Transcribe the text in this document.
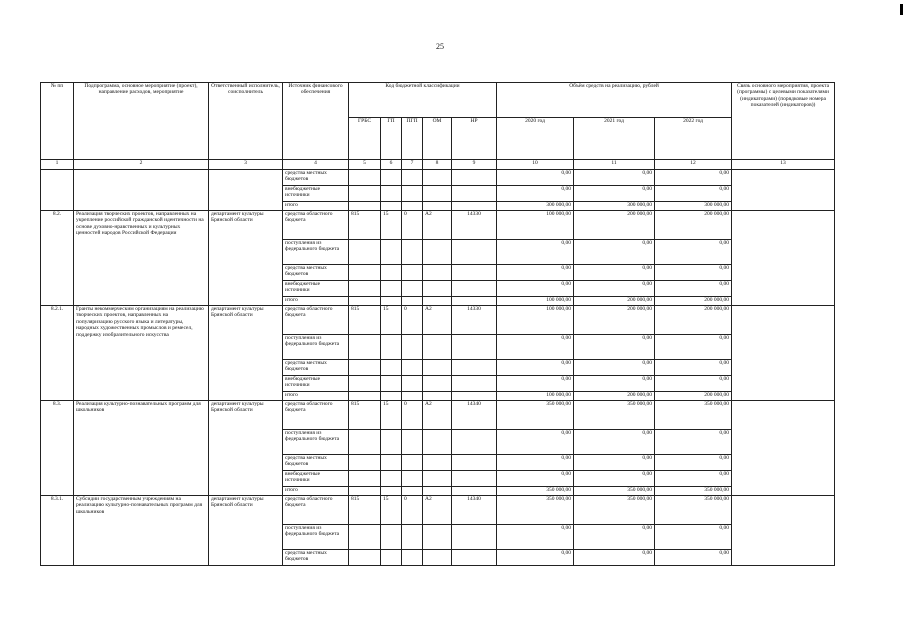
25
№ пп	Подпрограмма, основное мероприятие (проект), направление расходов, мероприятие	Ответственный исполнитель, соисполнитель	Источник финансового обеспечения	Код бюджетной классификации					Объём средств на реализацию, рублей			Связь основного мероприятия, проекта (программы) с целевыми показателями (индикаторами) (порядковые номера показателей (индикаторов))
				ГРБС	ГП	ПГП	ОМ	НР	2020 год	2021 год	2022 год	
1	2	3	4	5	6	7	8	9	10	11	12	13
			средства местных бюджетов						0,00	0,00	0,00	
			внебюджетные источники						0,00	0,00	0,00	
			итого						300 000,00	300 000,00	300 000,00	
8.2.	Реализация творческих проектов, направленных на укрепление российской гражданской идентичности на основе духовно-нравственных и культурных ценностей народов Российской Федерации	департамент культуры Брянской области	средства областного бюджета	815	15	0	А2	14330	100 000,00	200 000,00	200 000,00	
			поступления из федерального бюджета						0,00	0,00	0,00	
			средства местных бюджетов						0,00	0,00	0,00	
			внебюджетные источники						0,00	0,00	0,00	
			итого						100 000,00	200 000,00	200 000,00	
8.2.1.	Гранты некоммерческим организациям на реализацию творческих проектов, направленных на популяризацию русского языка и литературы, народных художественных промыслов и ремесел, поддержку изобразительного искусства	департамент культуры Брянской области	средства областного бюджета	815	15	0	А2	14330	100 000,00	200 000,00	200 000,00	
			поступления из федерального бюджета						0,00	0,00	0,00	
			средства местных бюджетов						0,00	0,00	0,00	
			внебюджетные источники						0,00	0,00	0,00	
			итого						100 000,00	200 000,00	200 000,00	
8.3.	Реализация культурно-познавательных программ для школьников	департамент культуры Брянской области	средства областного бюджета	815	15	0	А2	14340	350 000,00	350 000,00	350 000,00	
			поступления из федерального бюджета						0,00	0,00	0,00	
			средства местных бюджетов						0,00	0,00	0,00	
			внебюджетные источники						0,00	0,00	0,00	
			итого						350 000,00	350 000,00	350 000,00	
8.3.1.	Субсидии государственным учреждениям на реализацию культурно-познавательных программ для школьников	департамент культуры Брянской области	средства областного бюджета	815	15	0	А2	14340	350 000,00	350 000,00	350 000,00	
			поступления из федерального бюджета						0,00	0,00	0,00	
			средства местных бюджетов						0,00	0,00	0,00	
